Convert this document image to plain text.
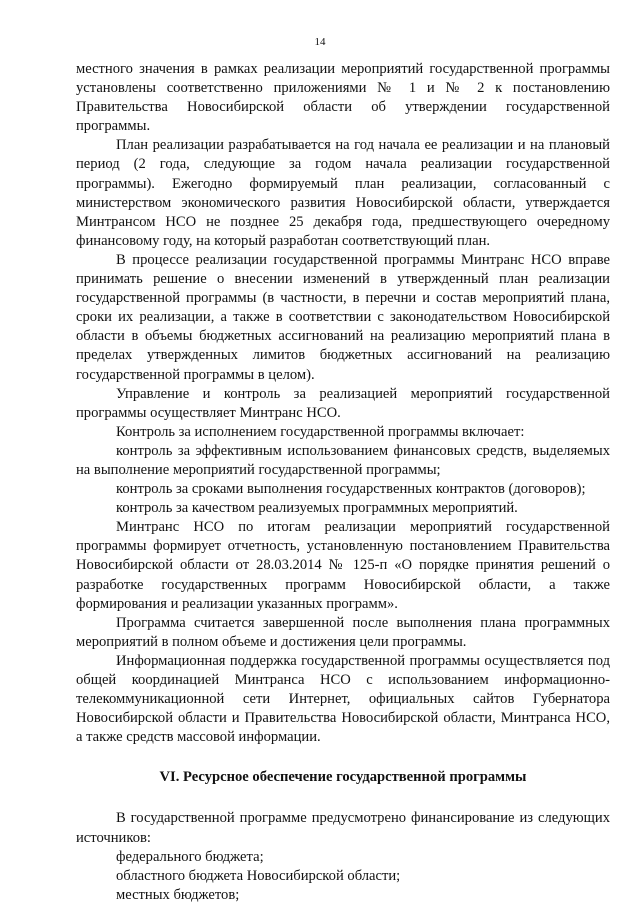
14

местного значения в рамках реализации мероприятий государственной программы установлены соответственно приложениями № 1 и № 2 к постановлению Правительства Новосибирской области об утверждении государственной программы.

План реализации разрабатывается на год начала ее реализации и на плановый период (2 года, следующие за годом начала реализации государственной программы). Ежегодно формируемый план реализации, согласованный с министерством экономического развития Новосибирской области, утверждается Минтрансом НСО не позднее 25 декабря года, предшествующего очередному финансовому году, на который разработан соответствующий план.

В процессе реализации государственной программы Минтранс НСО вправе принимать решение о внесении изменений в утвержденный план реализации государственной программы (в частности, в перечни и состав мероприятий плана, сроки их реализации, а также в соответствии с законодательством Новосибирской области в объемы бюджетных ассигнований на реализацию мероприятий плана в пределах утвержденных лимитов бюджетных ассигнований на реализацию государственной программы в целом).

Управление и контроль за реализацией мероприятий государственной программы осуществляет Минтранс НСО.

Контроль за исполнением государственной программы включает:

контроль за эффективным использованием финансовых средств, выделяемых на выполнение мероприятий государственной программы;

контроль за сроками выполнения государственных контрактов (договоров);

контроль за качеством реализуемых программных мероприятий.

Минтранс НСО по итогам реализации мероприятий государственной программы формирует отчетность, установленную постановлением Правительства Новосибирской области от 28.03.2014 № 125-п «О порядке принятия решений о разработке государственных программ Новосибирской области, а также формирования и реализации указанных программ».

Программа считается завершенной после выполнения плана программных мероприятий в полном объеме и достижения цели программы.

Информационная поддержка государственной программы осуществляется под общей координацией Минтранса НСО с использованием информационно-телекоммуникационной сети Интернет, официальных сайтов Губернатора Новосибирской области и Правительства Новосибирской области, Минтранса НСО, а также средств массовой информации.

VI. Ресурсное обеспечение государственной программы

В государственной программе предусмотрено финансирование из следующих источников:

федерального бюджета;

областного бюджета Новосибирской области;

местных бюджетов;
